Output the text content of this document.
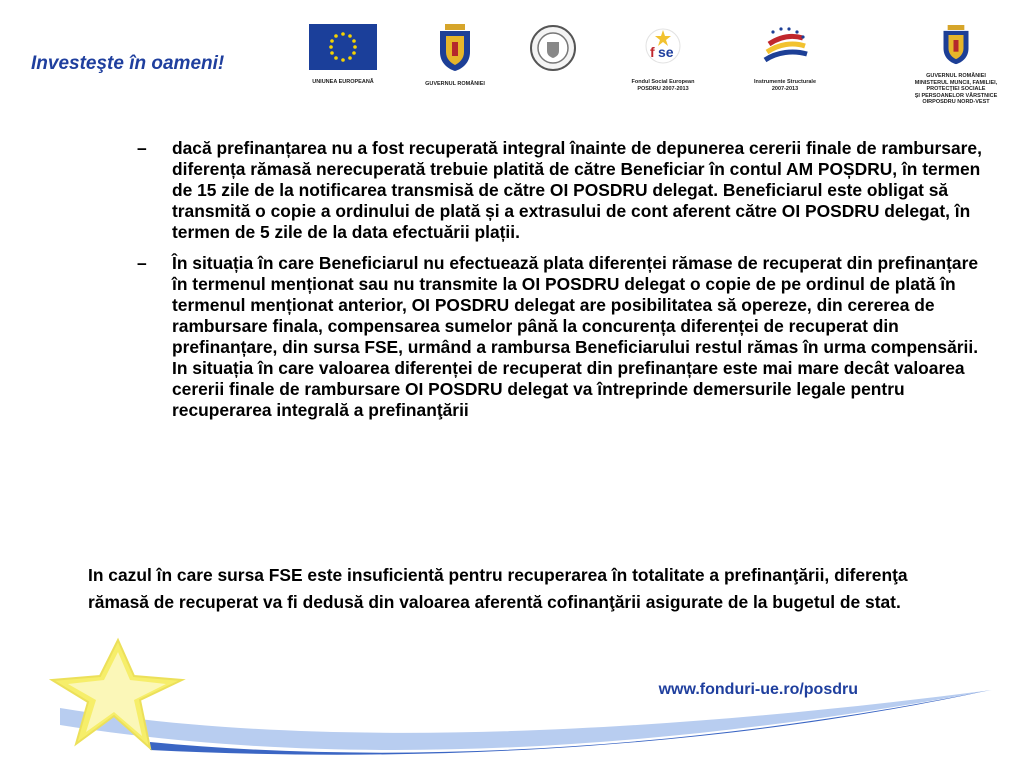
Investeşte în oameni!
UNIUNEA EUROPEANĂ	GUVERNUL ROMÂNIEI
f se
Fondul Social European
POSDRU 2007-2013
Instrumente Structurale
2007-2013
GUVERNUL ROMÂNIEI
MINISTERUL MUNCII, FAMILIEI,
PROTECŢIEI SOCIALE
ŞI PERSOANELOR VÂRSTNICE
OIRPOSDRU NORD-VEST
– dacă prefinanțarea nu a fost recuperată integral înainte de depunerea cererii finale de rambursare, diferența rămasă nerecuperată trebuie platită de către Beneficiar în contul AM POȘDRU, în termen de 15 zile de la notificarea transmisă de către OI POSDRU delegat. Beneficiarul este obligat să transmită o copie a ordinului de plată și a extrasului de cont aferent către OI POSDRU delegat, în termen de 5 zile de la data efectuării plații.
– În situația în care Beneficiarul nu efectuează plata diferenței rămase de recuperat din prefinanțare în termenul menționat sau nu transmite la OI POSDRU delegat o copie de pe ordinul de plată în termenul menționat anterior, OI POSDRU delegat are posibilitatea să opereze, din cererea de rambursare finala, compensarea sumelor până la concurența diferenței de recuperat din prefinanțare, din sursa FSE, urmând a rambursa Beneficiarului restul rămas în urma compensării. In situația în care valoarea diferenței de recuperat din prefinanțare este mai mare decât valoarea cererii finale de rambursare OI POSDRU delegat va întreprinde demersurile legale pentru recuperarea integrală a prefinanţării
In cazul în care sursa FSE este insuficientă pentru recuperarea în totalitate a prefinanţării, diferenţa rămasă de recuperat va fi dedusă din valoarea aferentă cofinanţării asigurate de la bugetul de stat.
www.fonduri-ue.ro/posdru
